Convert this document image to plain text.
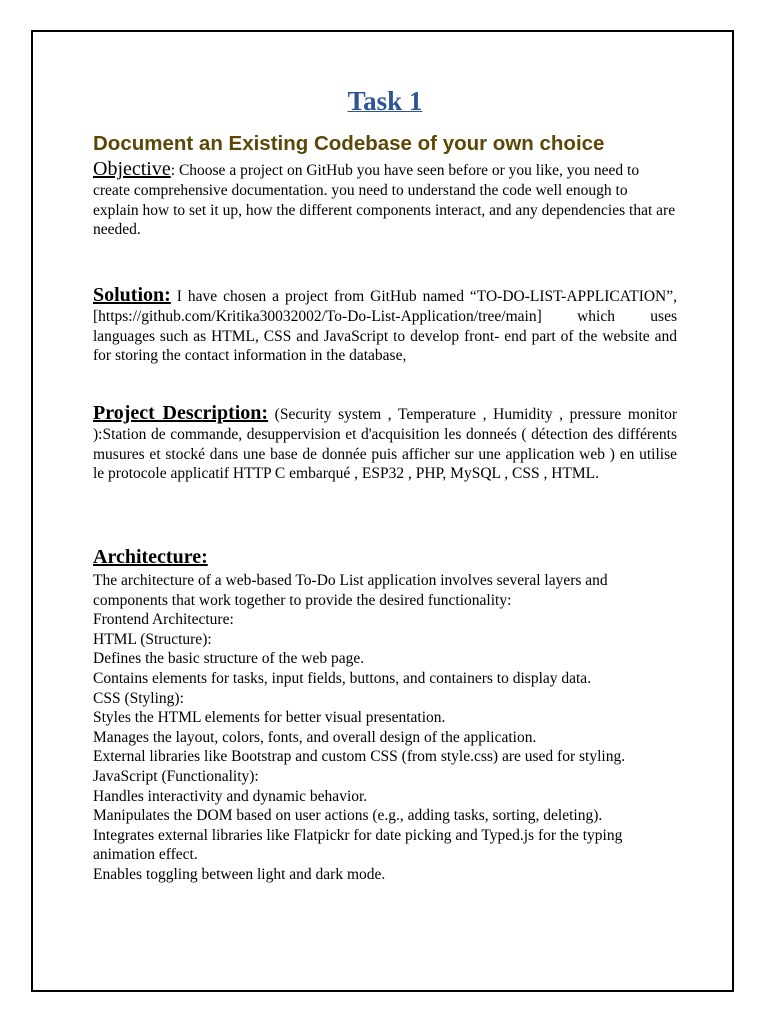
Task 1
Document an Existing Codebase of your own choice

Objective: Choose a project on GitHub you have seen before or you like, you need to create comprehensive documentation. you need to understand the code well enough to explain how to set it up, how the different components interact, and any dependencies that are needed.

Solution: I have chosen a project from GitHub named “TO-DO-LIST-APPLICATION”,[https://github.com/Kritika30032002/To-Do-List-Application/tree/main] which uses languages such as HTML, CSS and JavaScript to develop front- end part of the website and for storing the contact information in the database,

Project Description: (Security system , Temperature , Humidity , pressure monitor ):Station de commande, desuppervision et d'acquisition les donneés ( détection des différents musures et stocké dans une base de donnée puis afficher sur une application web ) en utilise le protocole applicatif HTTP C embarqué , ESP32 , PHP, MySQL , CSS , HTML.

Architecture:
The architecture of a web-based To-Do List application involves several layers and components that work together to provide the desired functionality:
Frontend Architecture:
HTML (Structure):
Defines the basic structure of the web page.
Contains elements for tasks, input fields, buttons, and containers to display data.
CSS (Styling):
Styles the HTML elements for better visual presentation.
Manages the layout, colors, fonts, and overall design of the application.
External libraries like Bootstrap and custom CSS (from style.css) are used for styling.
JavaScript (Functionality):
Handles interactivity and dynamic behavior.
Manipulates the DOM based on user actions (e.g., adding tasks, sorting, deleting).
Integrates external libraries like Flatpickr for date picking and Typed.js for the typing animation effect.
Enables toggling between light and dark mode.
